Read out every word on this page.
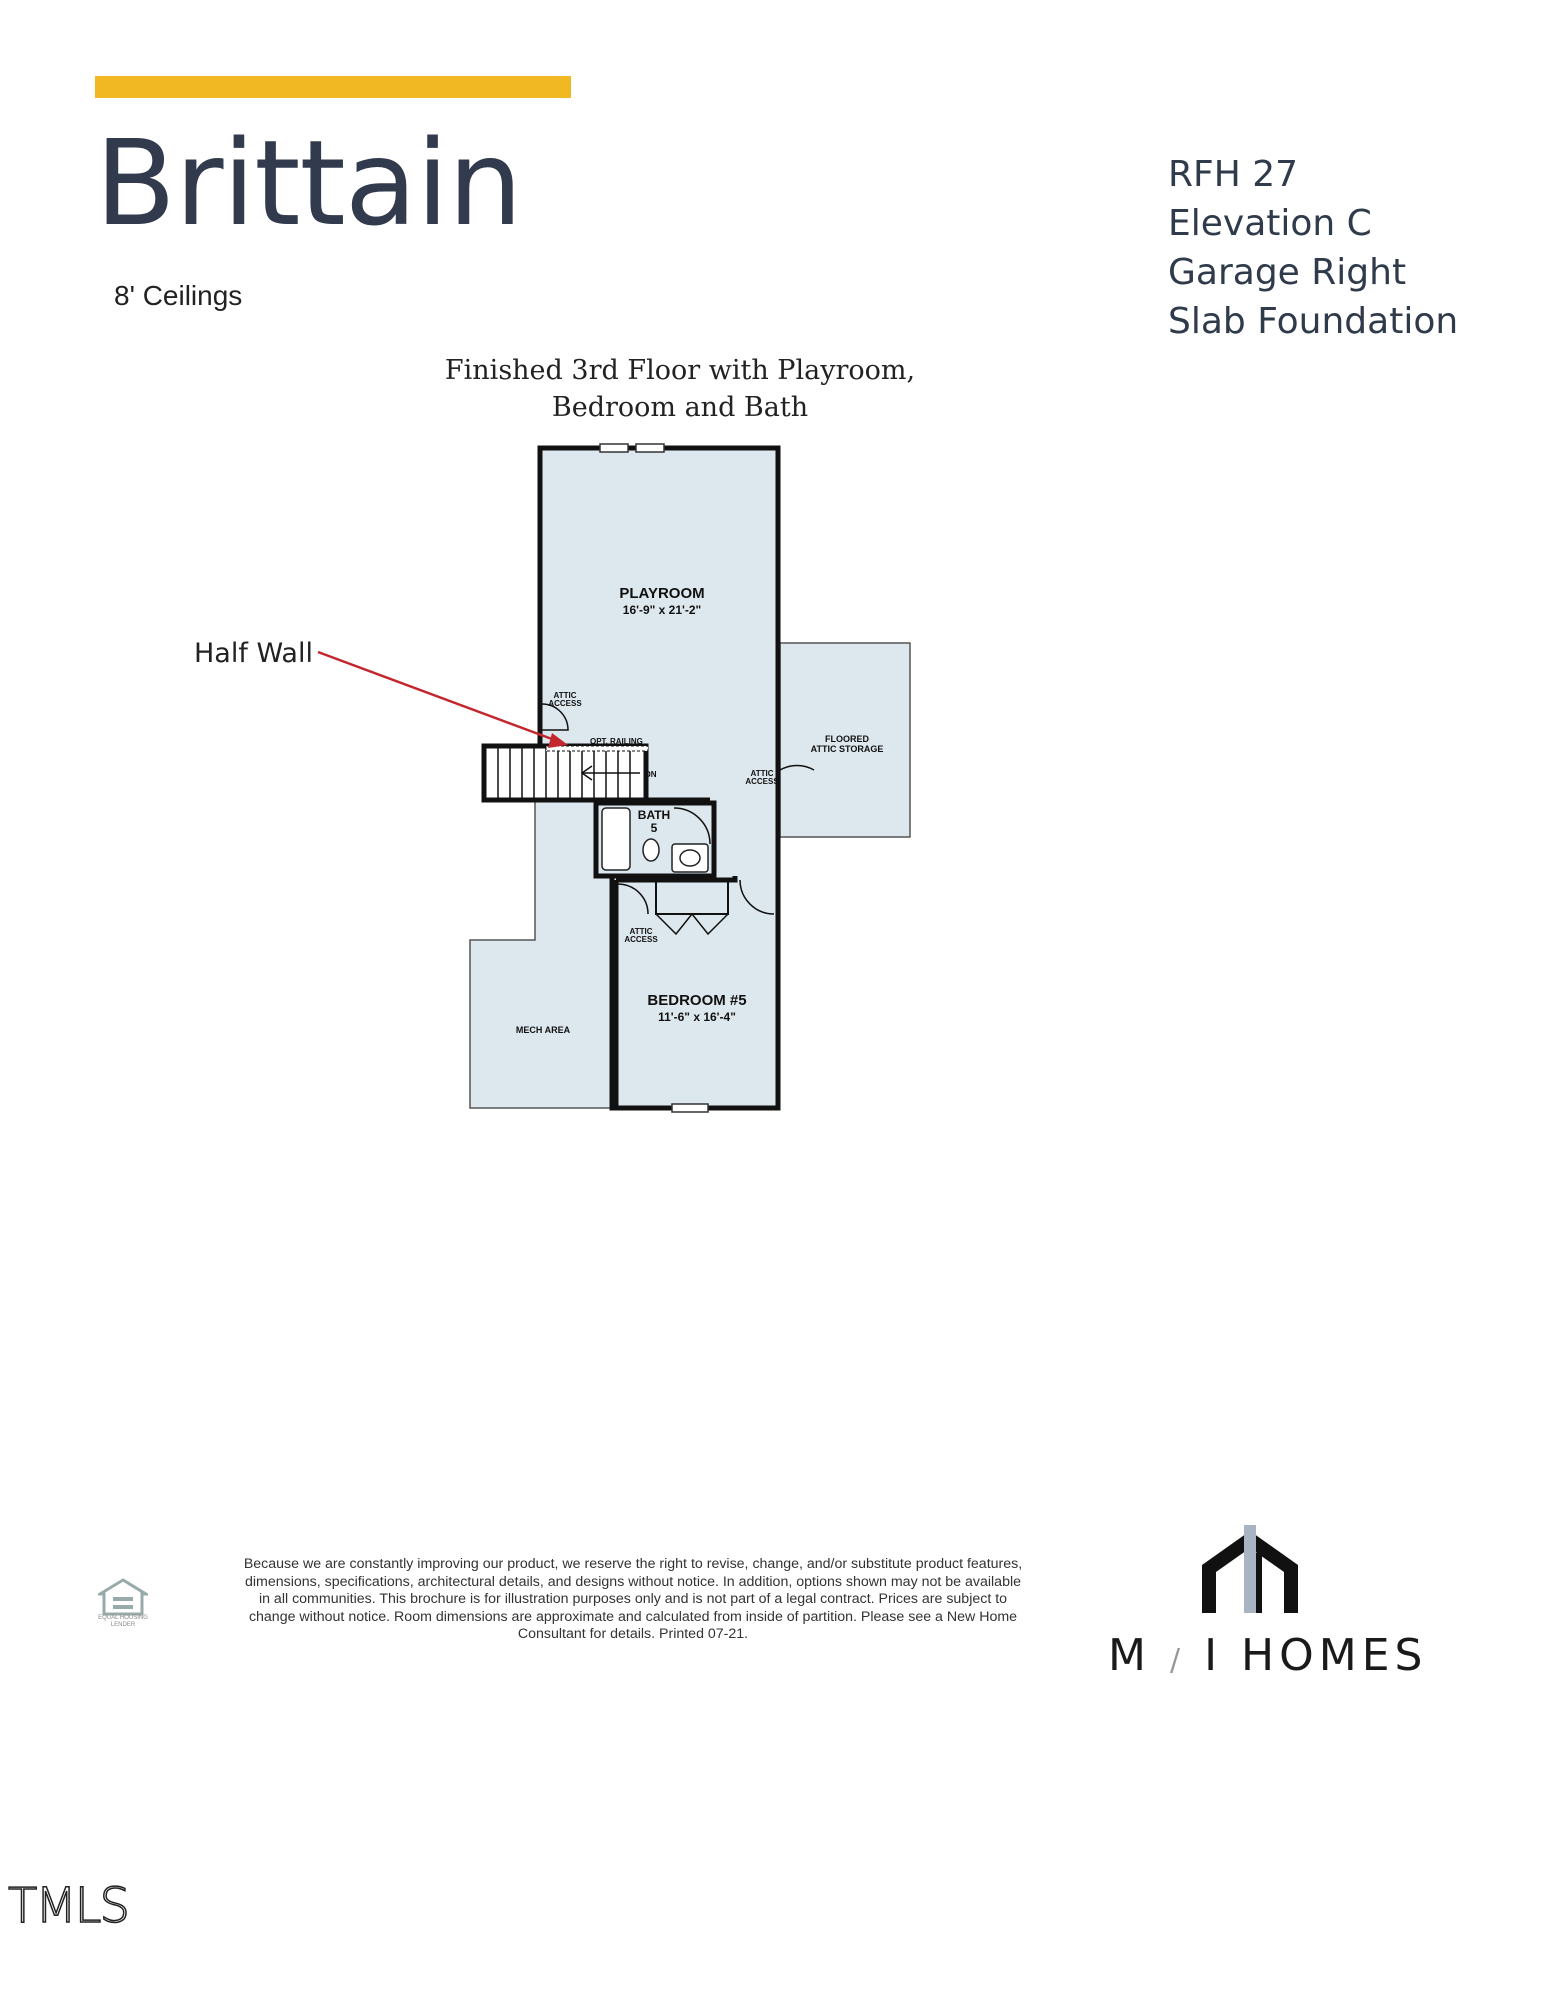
Brittain
8' Ceilings
RFH 27
Elevation C
Garage Right
Slab Foundation
Finished 3rd Floor with Playroom,
Bedroom and Bath
Half Wall
PLAYROOM
16'-9" x 21'-2"
BEDROOM #5
11'-6" x 16'-4"
BATH
5
MECH AREA
FLOORED
ATTIC STORAGE
ATTIC
ACCESS
ATTIC
ACCESS
ATTIC
ACCESS
OPT. RAILING
DN
Because we are constantly improving our product, we reserve the right to revise, change, and/or substitute product features, dimensions, specifications, architectural details, and designs without notice. In addition, options shown may not be available in all communities. This brochure is for illustration purposes only and is not part of a legal contract. Prices are subject to change without notice. Room dimensions are approximate and calculated from inside of partition. Please see a New Home Consultant for details. Printed 07-21.
EQUAL HOUSING LENDER
M / I HOMES
TMLS
